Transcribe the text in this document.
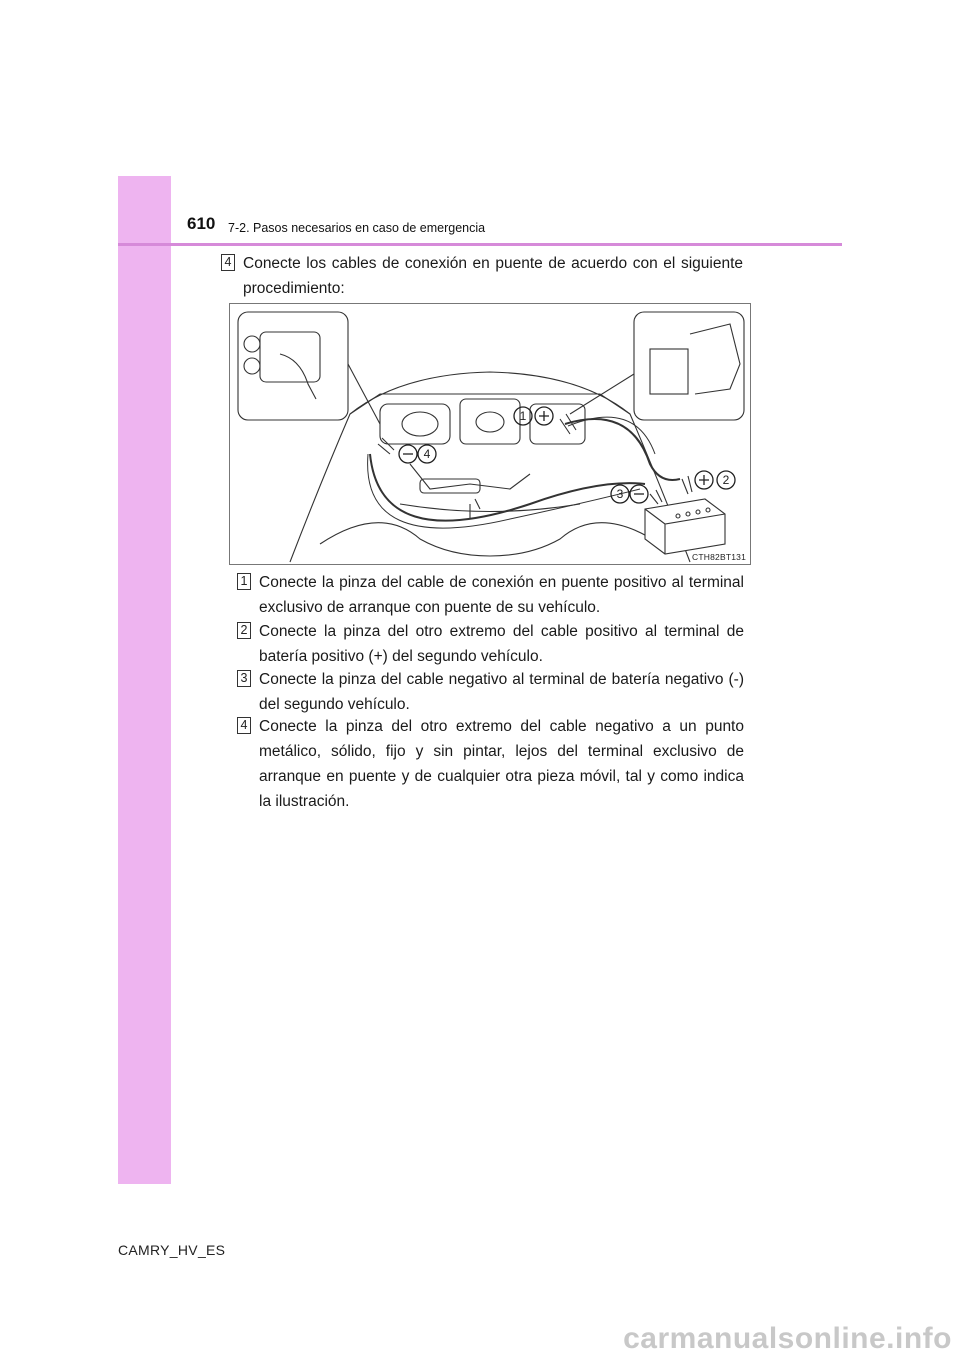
610 7-2. Pasos necesarios en caso de emergencia
4 Conecte los cables de conexión en puente de acuerdo con el siguiente procedimiento:
1
4
2
3
CTH82BT131
1 Conecte la pinza del cable de conexión en puente positivo al terminal exclusivo de arranque con puente de su vehículo.
2 Conecte la pinza del otro extremo del cable positivo al terminal de batería positivo (+) del segundo vehículo.
3 Conecte la pinza del cable negativo al terminal de batería negativo (-) del segundo vehículo.
4 Conecte la pinza del otro extremo del cable negativo a un punto metálico, sólido, fijo y sin pintar, lejos del terminal exclusivo de arranque en puente y de cualquier otra pieza móvil, tal y como indica la ilustración.
CAMRY_HV_ES
carmanualsonline.info
